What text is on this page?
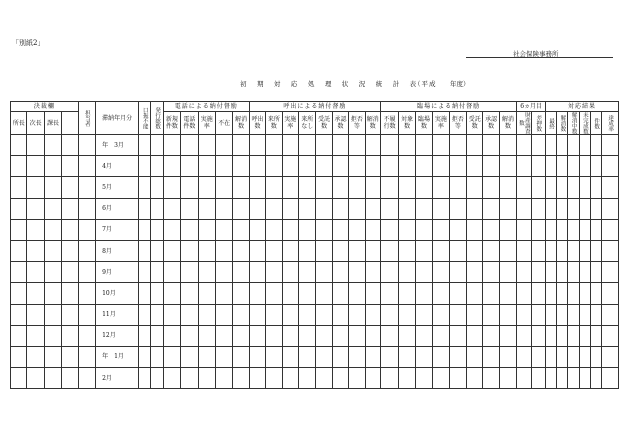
「別紙2」
社会保険事務所
初 期 対 応 処 理 状 況 統 計 表
（平成 年度）
決裁欄				担当者	滞納年月分	口振不能	発行総数	電話による納付督励					呼出による納付督励								臨場による納付督励								6ヵ月目		対応結果					
所長	次長	課長						新規件数	電話件数	実施率	不在	解消数	呼出数	来所数	実施率	来所なし	受託数	承認数	拒否等	解消数	不履行数	対象数	臨場数	実施率	拒否等	受託数	承認数	解消数	財産調査数	差押数	最終	解消数	解消中数	未完成数	件数	達成率
					年　3月																															
					4月																															
					5月																															
					6月																															
					7月																															
					8月																															
					9月																															
					10月																															
					11月																															
					12月																															
					年　1月																															
					2月																															
